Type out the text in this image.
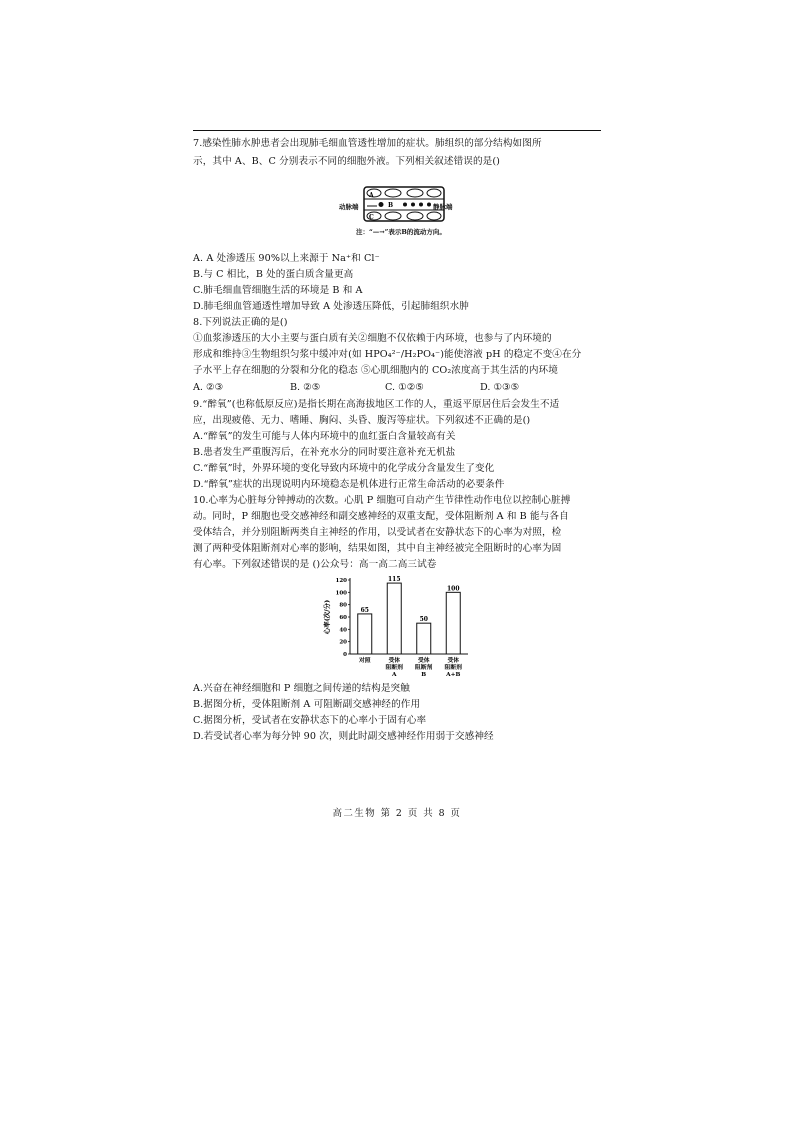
7.感染性肺水肿患者会出现肺毛细血管透性增加的症状。肺组织的部分结构如图所
示，其中 A、B、C 分别表示不同的细胞外液。下列相关叙述错误的是()
动脉端
A
B
C
静脉端
注：“—→”表示B的流动方向。
A. A 处渗透压 90%以上来源于 Na⁺和 Cl⁻
B.与 C 相比，B 处的蛋白质含量更高
C.肺毛细血管细胞生活的环境是 B 和 A
D.肺毛细血管通透性增加导致 A 处渗透压降低，引起肺组织水肿
8.下列说法正确的是()
①血浆渗透压的大小主要与蛋白质有关②细胞不仅依赖于内环境，也参与了内环境的
形成和维持③生物组织匀浆中缓冲对(如 HPO₄²⁻/H₂PO₄⁻)能使溶液 pH 的稳定不变④在分
子水平上存在细胞的分裂和分化的稳态 ⑤心肌细胞内的 CO₂浓度高于其生活的内环境
A. ②③	B. ②⑤	C. ①②⑤	D. ①③⑤
9.“醉氧”(也称低原反应)是指长期在高海拔地区工作的人，重返平原居住后会发生不适
应，出现疲倦、无力、嗜睡、胸闷、头昏、腹泻等症状。下列叙述不正确的是()
A.“醉氧”的发生可能与人体内环境中的血红蛋白含量较高有关
B.患者发生严重腹泻后，在补充水分的同时要注意补充无机盐
C.“醉氧”时，外界环境的变化导致内环境中的化学成分含量发生了变化
D.“醉氧”症状的出现说明内环境稳态是机体进行正常生命活动的必要条件
10.心率为心脏每分钟搏动的次数。心肌 P 细胞可自动产生节律性动作电位以控制心脏搏
动。同时，P 细胞也受交感神经和副交感神经的双重支配，受体阻断剂 A 和 B 能与各自
受体结合，并分别阻断两类自主神经的作用，以受试者在安静状态下的心率为对照，检
测了两种受体阻断剂对心率的影响，结果如图，其中自主神经被完全阻断时的心率为固
有心率。下列叙述错误的是 ()公众号：高一高二高三试卷
心率(次/分)
0
20
40
60
80
100
120
65
对照
115
受体
阻断剂
A
50
受体
阻断剂
B
100
受体
阻断剂
A+B
A.兴奋在神经细胞和 P 细胞之间传递的结构是突触
B.据图分析，受体阻断剂 A 可阻断副交感神经的作用
C.据图分析，受试者在安静状态下的心率小于固有心率
D.若受试者心率为每分钟 90 次，则此时副交感神经作用弱于交感神经
高二生物 第 2 页 共 8 页
